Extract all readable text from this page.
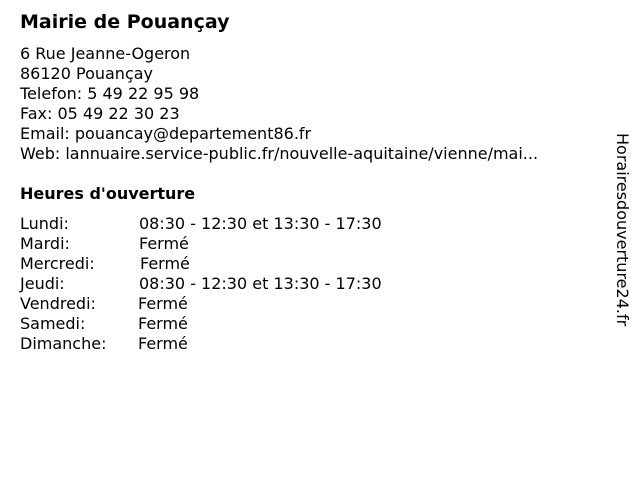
Mairie de Pouançay
6 Rue Jeanne-Ogeron
86120 Pouançay
Telefon: 5 49 22 95 98
Fax: 05 49 22 30 23
Email: pouancay@departement86.fr
Web: lannuaire.service-public.fr/nouvelle-aquitaine/vienne/mai...
Heures d'ouverture
Lundi:	08:30 - 12:30 et 13:30 - 17:30
Mardi:	Fermé
Mercredi:	Fermé
Jeudi:	08:30 - 12:30 et 13:30 - 17:30
Vendredi:	Fermé
Samedi:	Fermé
Dimanche:	Fermé
Horairesdouverture24.fr
